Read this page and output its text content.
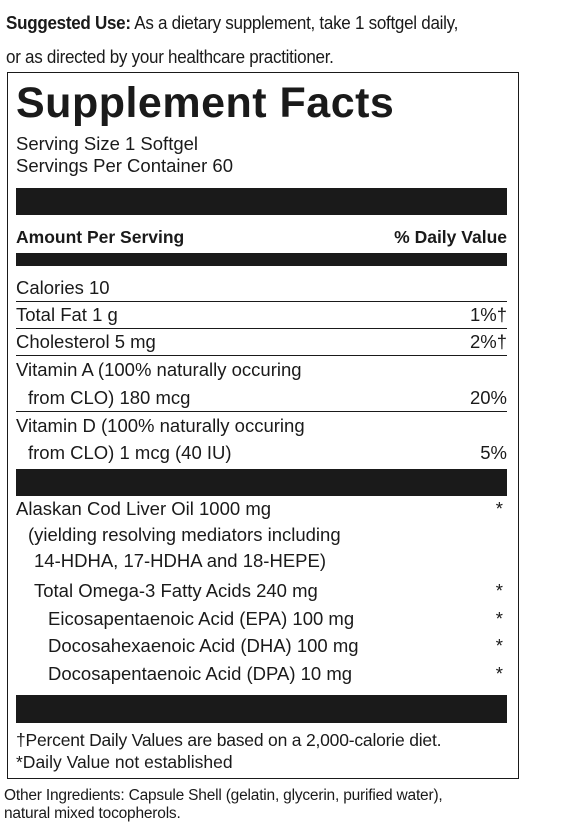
Suggested Use: As a dietary supplement, take 1 softgel daily,
or as directed by your healthcare practitioner.
Supplement Facts
Serving Size 1 Softgel
Servings Per Container 60
Amount Per Serving	% Daily Value
Calories 10
Total Fat 1 g	1%†
Cholesterol 5 mg	2%†
Vitamin A (100% naturally occuring
from CLO) 180 mcg	20%
Vitamin D (100% naturally occuring
from CLO) 1 mcg (40 IU)	5%
Alaskan Cod Liver Oil 1000 mg	*
(yielding resolving mediators including
14-HDHA, 17-HDHA and 18-HEPE)
Total Omega-3 Fatty Acids 240 mg	*
Eicosapentaenoic Acid (EPA) 100 mg	*
Docosahexaenoic Acid (DHA) 100 mg	*
Docosapentaenoic Acid (DPA) 10 mg	*
†Percent Daily Values are based on a 2,000-calorie diet.
*Daily Value not established
Other Ingredients: Capsule Shell (gelatin, glycerin, purified water),
natural mixed tocopherols.
